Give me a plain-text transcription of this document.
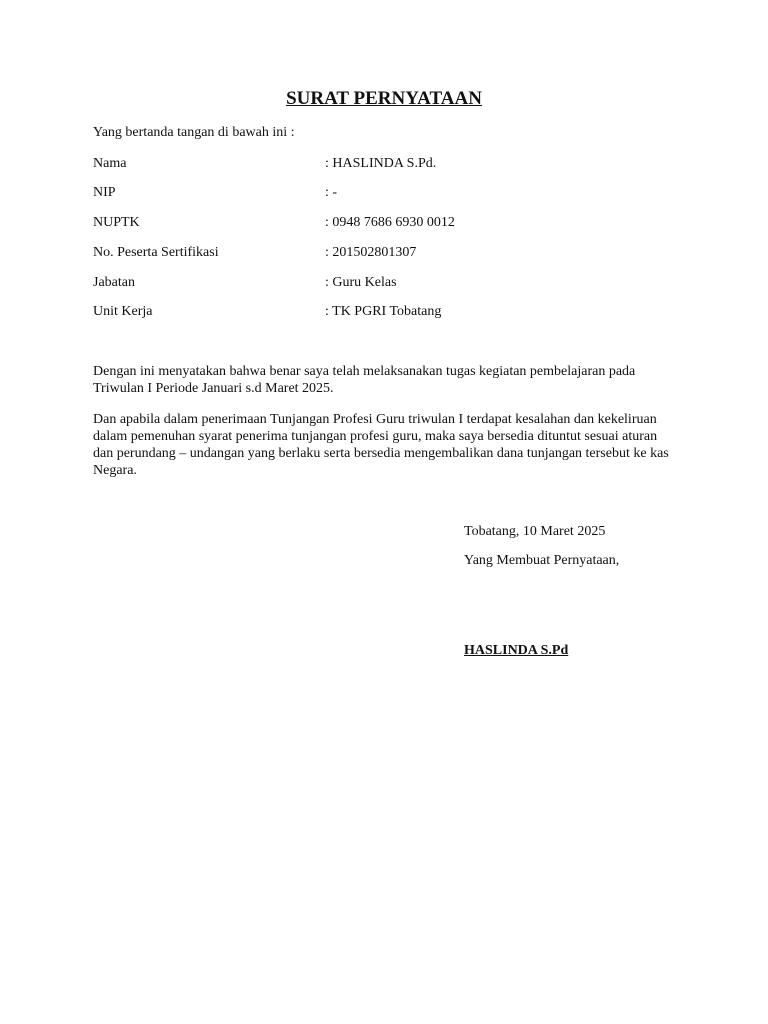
SURAT PERNYATAAN
Yang bertanda tangan di bawah ini :
Nama	: HASLINDA S.Pd.
NIP	: -
NUPTK	: 0948 7686 6930 0012
No. Peserta Sertifikasi	: 201502801307
Jabatan	: Guru Kelas
Unit Kerja	: TK PGRI Tobatang
Dengan ini menyatakan bahwa benar saya telah melaksanakan tugas kegiatan pembelajaran pada Triwulan I Periode Januari s.d Maret 2025.
Dan apabila dalam penerimaan Tunjangan Profesi Guru triwulan I terdapat kesalahan dan kekeliruan dalam pemenuhan syarat penerima tunjangan profesi guru, maka saya bersedia dituntut sesuai aturan dan perundang – undangan yang berlaku serta bersedia mengembalikan dana tunjangan tersebut ke kas Negara.
Tobatang, 10 Maret 2025
Yang Membuat Pernyataan,
HASLINDA S.Pd
